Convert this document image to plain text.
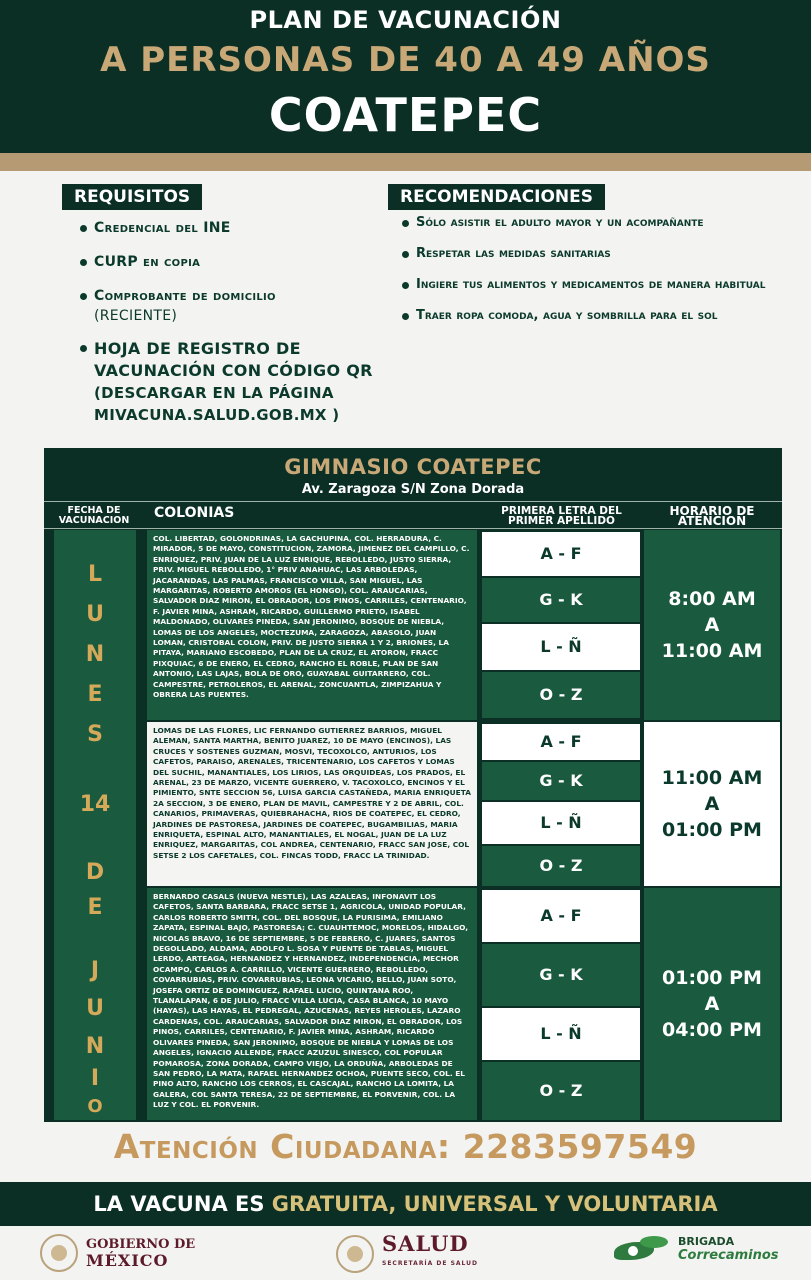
PLAN DE VACUNACIÓN
A PERSONAS DE 40 A 49 AÑOS
COATEPEC
REQUISITOS
Credencial del INE
CURP en copia
Comprobante de domicilio
(RECIENTE)
HOJA DE REGISTRO DE VACUNACIÓN CON CÓDIGO QR
(DESCARGAR EN LA PÁGINA MIVACUNA.SALUD.GOB.MX )
RECOMENDACIONES
Sólo asistir el adulto mayor y un acompañante
Respetar las medidas sanitarias
Ingiere tus alimentos y medicamentos de manera habitual
Traer ropa comoda, agua y sombrilla para el sol
GIMNASIO COATEPEC
Av. Zaragoza S/N Zona Dorada
FECHA DE VACUNACION	COLONIAS	PRIMERA LETRA DEL PRIMER APELLIDO
HORARIO DE ATENCION
L
U
N
E
S
14
D
E
J
U
N
I
O
COL. LIBERTAD, GOLONDRINAS, LA GACHUPINA, COL. HERRADURA, C. MIRADOR, 5 DE MAYO, CONSTITUCION, ZAMORA, JIMENEZ DEL CAMPILLO, C. ENRIQUEZ, PRIV. JUAN DE LA LUZ ENRIQUE, REBOLLEDO, JUSTO SIERRA, PRIV. MIGUEL REBOLLEDO, 1° PRIV ANAHUAC, LAS ARBOLEDAS, JACARANDAS, LAS PALMAS, FRANCISCO VILLA, SAN MIGUEL, LAS MARGARITAS, ROBERTO AMOROS (EL HONGO), COL. ARAUCARIAS, SALVADOR DIAZ MIRON, EL OBRADOR, LOS PINOS, CARRILES, CENTENARIO, F. JAVIER MINA, ASHRAM, RICARDO, GUILLERMO PRIETO, ISABEL MALDONADO, OLIVARES PINEDA, SAN JERONIMO, BOSQUE DE NIEBLA, LOMAS DE LOS ANGELES, MOCTEZUMA, ZARAGOZA, ABASOLO, JUAN LOMAN, CRISTOBAL COLON, PRIV. DE JUSTO SIERRA 1 Y 2, BRIONES, LA PITAYA, MARIANO ESCOBEDO, PLAN DE LA CRUZ, EL ATORON, FRACC PIXQUIAC, 6 DE ENERO, EL CEDRO, RANCHO EL ROBLE, PLAN DE SAN ANTONIO, LAS LAJAS, BOLA DE ORO, GUAYABAL GUITARRERO, COL. CAMPESTRE, PETROLEROS, EL ARENAL, ZONCUANTLA, ZIMPIZAHUA Y OBRERA LAS PUENTES.
A - F
G - K
L - Ñ
O - Z
8:00 AM
A
11:00 AM
LOMAS DE LAS FLORES, LIC FERNANDO GUTIERREZ BARRIOS, MIGUEL ALEMAN, SANTA MARTHA, BENITO JUAREZ, 10 DE MAYO (ENCINOS), LAS CRUCES Y SOSTENES GUZMAN, MOSVI, TECOXOLCO, ANTURIOS, LOS CAFETOS, PARAISO, ARENALES, TRICENTENARIO, LOS CAFETOS Y LOMAS DEL SUCHIL, MANANTIALES, LOS LIRIOS, LAS ORQUIDEAS, LOS PRADOS, EL ARENAL, 23 DE MARZO, VICENTE GUERRERO, V. TACOXOLCO, ENCINOS Y EL PIMIENTO, SNTE SECCION 56, LUISA GARCIA CASTAÑEDA, MARIA ENRIQUETA 2A SECCION, 3 DE ENERO, PLAN DE MAVIL, CAMPESTRE Y 2 DE ABRIL, COL. CANARIOS, PRIMAVERAS, QUIEBRAHACHA, RIOS DE COATEPEC, EL CEDRO, JARDINES DE PASTORESA, JARDINES DE COATEPEC, BUGAMBILIAS, MARIA ENRIQUETA, ESPINAL ALTO, MANANTIALES, EL NOGAL, JUAN DE LA LUZ ENRIQUEZ, MARGARITAS, COL ANDREA, CENTENARIO, FRACC SAN JOSE, COL SETSE 2 LOS CAFETALES, COL. FINCAS TODD, FRACC LA TRINIDAD.
A - F
G - K
L - Ñ
O - Z
11:00 AM
A
01:00 PM
BERNARDO CASALS (NUEVA NESTLE), LAS AZALEAS, INFONAVIT LOS CAFETOS, SANTA BARBARA, FRACC SETSE 1, AGRICOLA, UNIDAD POPULAR, CARLOS ROBERTO SMITH, COL. DEL BOSQUE, LA PURISIMA, EMILIANO ZAPATA, ESPINAL BAJO, PASTORESA; C. CUAUHTEMOC, MORELOS, HIDALGO, NICOLAS BRAVO, 16 DE SEPTIEMBRE, 5 DE FEBRERO, C. JUARES, SANTOS DEGOLLADO, ALDAMA, ADOLFO L. SOSA Y PUENTE DE TABLAS, MIGUEL LERDO, ARTEAGA, HERNANDEZ Y HERNANDEZ, INDEPENDENCIA, MECHOR OCAMPO, CARLOS A. CARRILLO, VICENTE GUERRERO, REBOLLEDO, COVARRUBIAS, PRIV. COVARRUBIAS, LEONA VICARIO, BELLO, JUAN SOTO, JOSEFA ORTIZ DE DOMINGUEZ, RAFAEL LUCIO, QUINTANA ROO, TLANALAPAN, 6 DE JULIO, FRACC VILLA LUCIA, CASA BLANCA, 10 MAYO (HAYAS), LAS HAYAS, EL PEDREGAL, AZUCENAS, REYES HEROLES, LAZARO CARDENAS, COL. ARAUCARIAS, SALVADOR DIAZ MIRON, EL OBRADOR, LOS PINOS, CARRILES, CENTENARIO, F. JAVIER MINA, ASHRAM, RICARDO OLIVARES PINEDA, SAN JERONIMO, BOSQUE DE NIEBLA Y LOMAS DE LOS ANGELES, IGNACIO ALLENDE, FRACC AZUZUL SINESCO, COL POPULAR POMAROSA, ZONA DORADA, CAMPO VIEJO, LA ORDUÑA, ARBOLEDAS DE SAN PEDRO, LA MATA, RAFAEL HERNANDEZ OCHOA, PUENTE SECO, COL. EL PINO ALTO, RANCHO LOS CERROS, EL CASCAJAL, RANCHO LA LOMITA, LA GALERA, COL SANTA TERESA, 22 DE SEPTIEMBRE, EL PORVENIR, COL. LA LUZ Y COL. EL PORVENIR.
A - F
G - K
L - Ñ
O - Z
01:00 PM
A
04:00 PM
Atención Ciudadana: 2283597549
LA VACUNA ES GRATUITA, UNIVERSAL Y VOLUNTARIA
GOBIERNO DE
MÉXICO
SALUD
SECRETARÍA DE SALUD
BRIGADA
Correcaminos
